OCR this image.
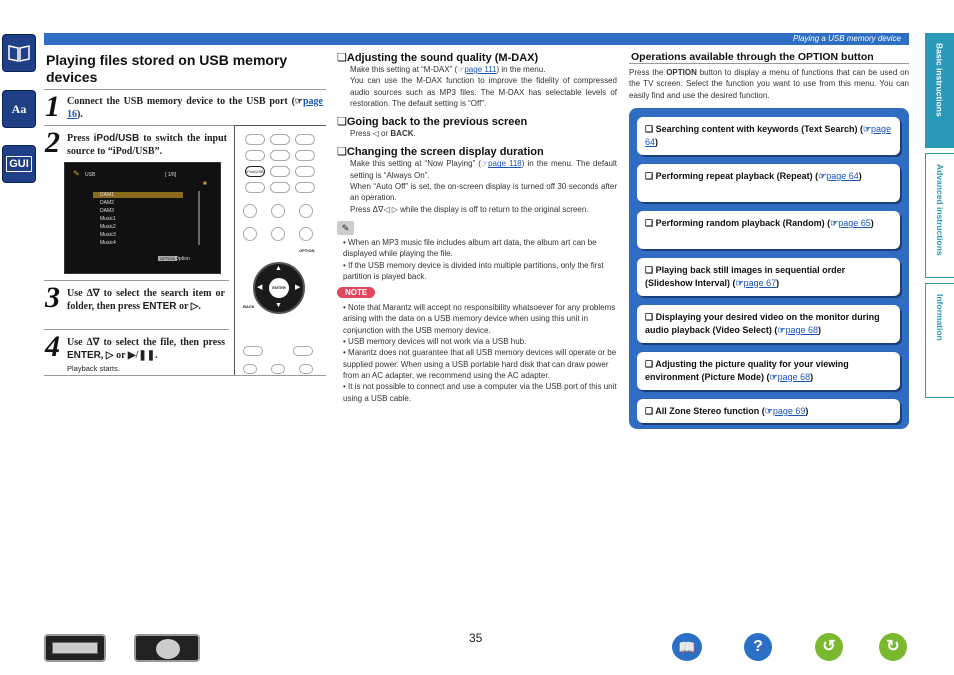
Playing a USB memory device
Aa
GUI
Basic instructions
Advanced instructions
Information
Playing files stored on USB memory devices
1 Connect the USB memory device to the USB port (☞page 16).
2 Press iPod/USB to switch the input source to “iPod/USB”.
USB	[ 1/6]
✎
■
DAM1
DAM2
DAM3
Music1
Music2
Music3
Music4
OPTION Option
iPod/USB
OPTION
ENTER
▲
▼
◀	▶
BACK
3 Use Δ∇ to select the search item or folder, then press ENTER or ▷.
4 Use Δ∇ to select the file, then press ENTER, ▷ or ▶/❚❚.
Playback starts.
❑Adjusting the sound quality (M-DAX)
Make this setting at “M-DAX” (☞page 111) in the menu.
You can use the M-DAX function to improve the fidelity of compressed audio sources such as MP3 files. The M-DAX has selectable levels of restoration. The default setting is “Off”.
❑Going back to the previous screen
Press ◁ or BACK.
❑Changing the screen display duration
Make this setting at “Now Playing” (☞page 118) in the menu. The default setting is “Always On”.
When “Auto Off” is set, the on-screen display is turned off 30 seconds after an operation.
Press Δ∇◁ ▷ while the display is off to return to the original screen.
✎
• When an MP3 music file includes album art data, the album art can be displayed while playing the file.
• If the USB memory device is divided into multiple partitions, only the first partition is played back.
NOTE
• Note that Marantz will accept no responsibility whatsoever for any problems arising with the data on a USB memory device when using this unit in conjunction with the USB memory device.
• USB memory devices will not work via a USB hub.
• Marantz does not guarantee that all USB memory devices will operate or be supplied power. When using a USB portable hard disk that can draw power from an AC adapter, we recommend using the AC adapter.
• It is not possible to connect and use a computer via the USB port of this unit using a USB cable.
Operations available through the OPTION button
Press the OPTION button to display a menu of functions that can be used on the TV screen. Select the function you want to use from this menu. You can easily find and use the desired function.
❑ Searching content with keywords (Text Search) (☞page 64)
❑ Performing repeat playback (Repeat) (☞page 64)
❑ Performing random playback (Random) (☞page 65)
❑ Playing back still images in sequential order (Slideshow Interval) (☞page 67)
❑ Displaying your desired video on the monitor during audio playback (Video Select) (☞page 68)
❑ Adjusting the picture quality for your viewing environment (Picture Mode) (☞page 68)
❑ All Zone Stereo function (☞page 69)
35
📖	?	↺	↻
